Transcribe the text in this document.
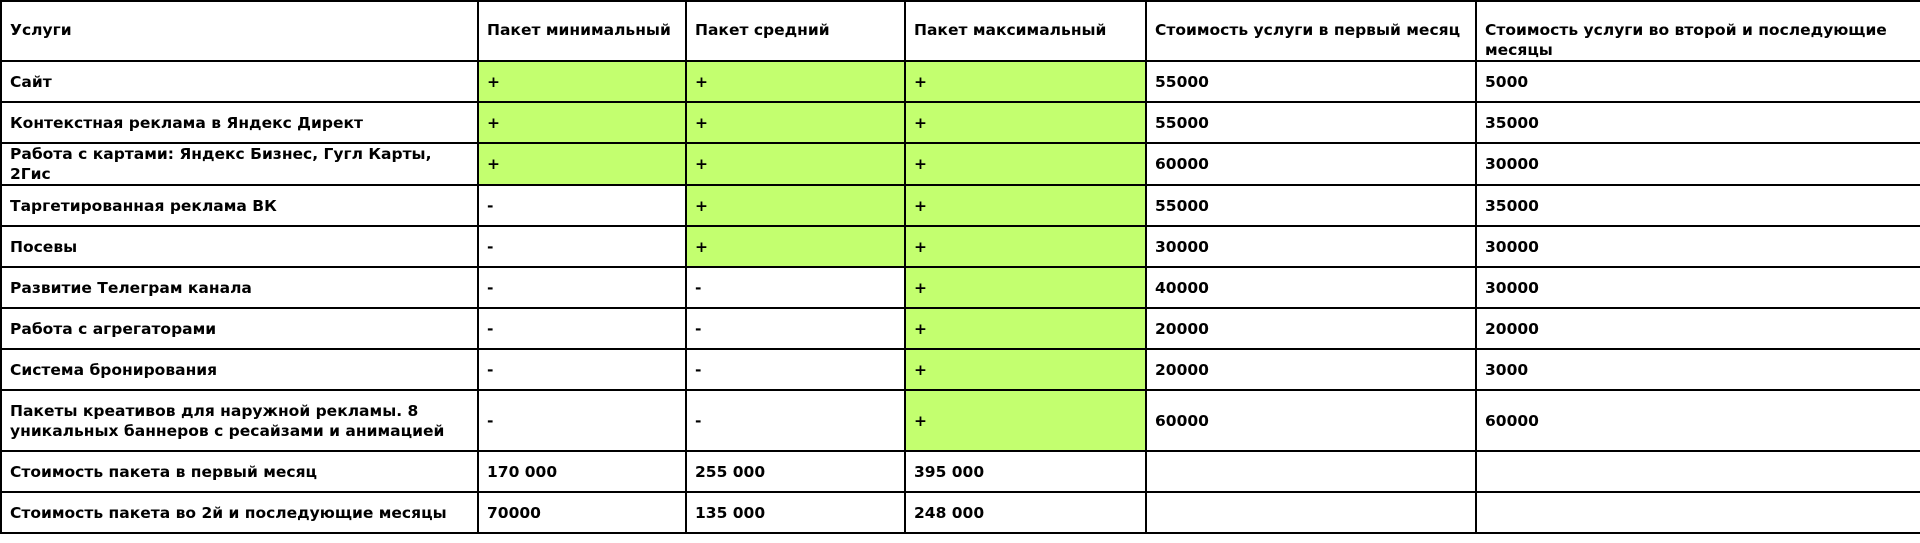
Услуги	Пакет минимальный	Пакет средний	Пакет максимальный	Стоимость услуги в первый месяц	Стоимость услуги во второй и последующие месяцы
Сайт	+	+	+	55000	5000
Контекстная реклама в Яндекс Директ	+	+	+	55000	35000
Работа с картами: Яндекс Бизнес, Гугл Карты, 2Гис	+	+	+	60000	30000
Таргетированная реклама ВК	-	+	+	55000	35000
Посевы	-	+	+	30000	30000
Развитие Телеграм канала	-	-	+	40000	30000
Работа с агрегаторами	-	-	+	20000	20000
Система бронирования	-	-	+	20000	3000
Пакеты креативов для наружной рекламы. 8 уникальных баннеров с ресайзами и анимацией	-	-	+	60000	60000
Стоимость пакета в первый месяц	170 000	255 000	395 000		
Стоимость пакета во 2й и последующие месяцы	70000	135 000	248 000		
